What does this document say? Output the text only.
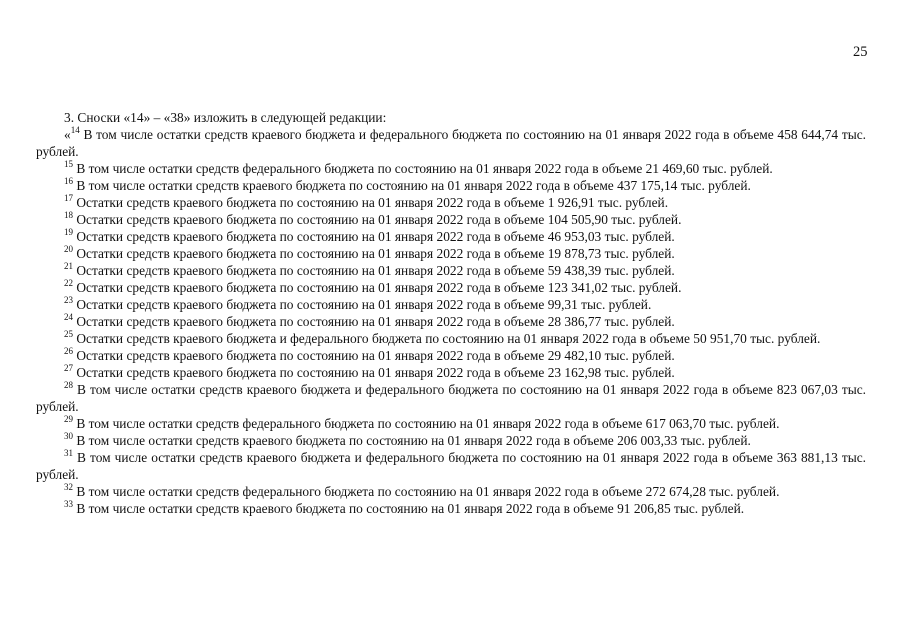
25

3. Сноски «14» – «38» изложить в следующей редакции:

«$^{14}$ В том числе остатки средств краевого бюджета и федерального бюджета по состоянию на 01 января 2022 года в объеме 458 644,74 тыс. рублей.

$^{15}$ В том числе остатки средств федерального бюджета по состоянию на 01 января 2022 года в объеме 21 469,60 тыс. рублей.

$^{16}$ В том числе остатки средств краевого бюджета по состоянию на 01 января 2022 года в объеме 437 175,14 тыс. рублей.

$^{17}$ Остатки средств краевого бюджета по состоянию на 01 января 2022 года в объеме 1 926,91 тыс. рублей.

$^{18}$ Остатки средств краевого бюджета по состоянию на 01 января 2022 года в объеме 104 505,90 тыс. рублей.

$^{19}$ Остатки средств краевого бюджета по состоянию на 01 января 2022 года в объеме 46 953,03 тыс. рублей.

$^{20}$ Остатки средств краевого бюджета по состоянию на 01 января 2022 года в объеме 19 878,73 тыс. рублей.

$^{21}$ Остатки средств краевого бюджета по состоянию на 01 января 2022 года в объеме 59 438,39 тыс. рублей.

$^{22}$ Остатки средств краевого бюджета по состоянию на 01 января 2022 года в объеме 123 341,02 тыс. рублей.

$^{23}$ Остатки средств краевого бюджета по состоянию на 01 января 2022 года в объеме 99,31 тыс. рублей.

$^{24}$ Остатки средств краевого бюджета по состоянию на 01 января 2022 года в объеме 28 386,77 тыс. рублей.

$^{25}$ Остатки средств краевого бюджета и федерального бюджета по состоянию на 01 января 2022 года в объеме 50 951,70 тыс. рублей.

$^{26}$ Остатки средств краевого бюджета по состоянию на 01 января 2022 года в объеме 29 482,10 тыс. рублей.

$^{27}$ Остатки средств краевого бюджета по состоянию на 01 января 2022 года в объеме 23 162,98 тыс. рублей.

$^{28}$ В том числе остатки средств краевого бюджета и федерального бюджета по состоянию на 01 января 2022 года в объеме 823 067,03 тыс. рублей.

$^{29}$ В том числе остатки средств федерального бюджета по состоянию на 01 января 2022 года в объеме 617 063,70 тыс. рублей.

$^{30}$ В том числе остатки средств краевого бюджета по состоянию на 01 января 2022 года в объеме 206 003,33 тыс. рублей.

$^{31}$ В том числе остатки средств краевого бюджета и федерального бюджета по состоянию на 01 января 2022 года в объеме 363 881,13 тыс. рублей.

$^{32}$ В том числе остатки средств федерального бюджета по состоянию на 01 января 2022 года в объеме 272 674,28 тыс. рублей.

$^{33}$ В том числе остатки средств краевого бюджета по состоянию на 01 января 2022 года в объеме 91 206,85 тыс. рублей.
